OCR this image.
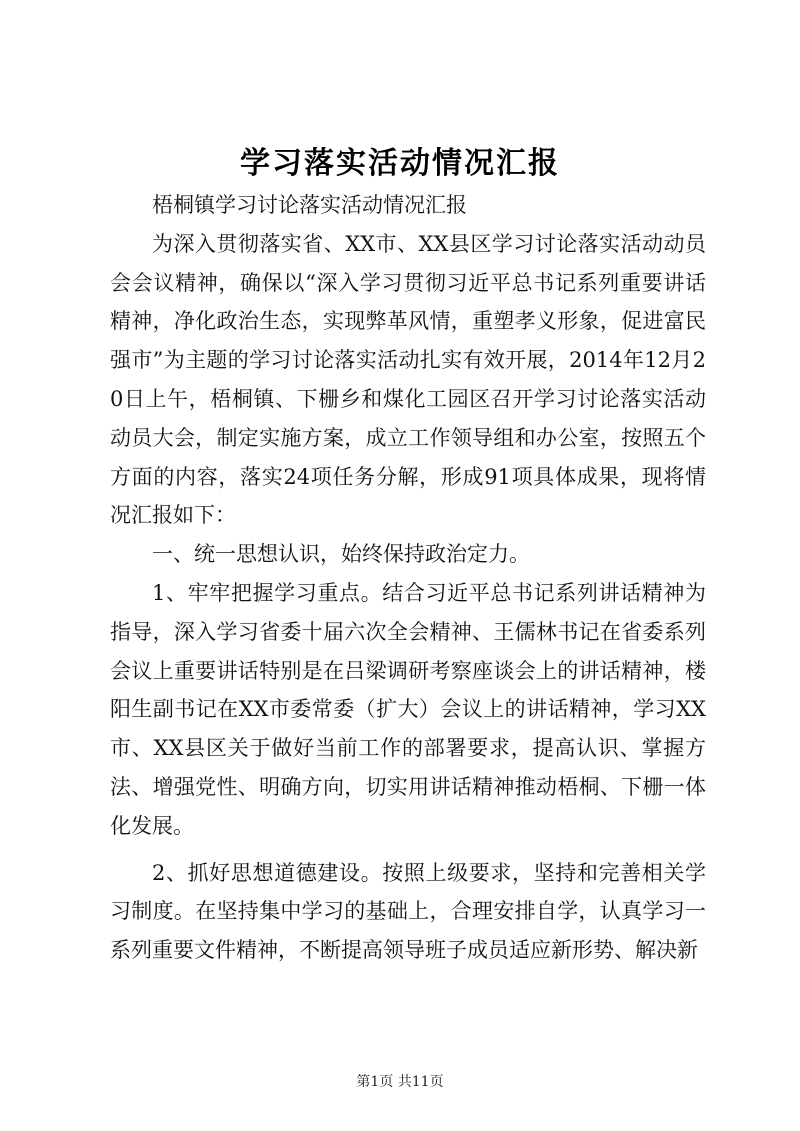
学习落实活动情况汇报

梧桐镇学习讨论落实活动情况汇报

为深入贯彻落实省、XX市、XX县区学习讨论落实活动动员会会议精神，确保以“深入学习贯彻习近平总书记系列重要讲话精神，净化政治生态，实现弊革风情，重塑孝义形象，促进富民强市”为主题的学习讨论落实活动扎实有效开展，2014年12月20日上午，梧桐镇、下栅乡和煤化工园区召开学习讨论落实活动动员大会，制定实施方案，成立工作领导组和办公室，按照五个方面的内容，落实24项任务分解，形成91项具体成果，现将情况汇报如下：

一、统一思想认识，始终保持政治定力。

1、牢牢把握学习重点。结合习近平总书记系列讲话精神为指导，深入学习省委十届六次全会精神、王儒林书记在省委系列会议上重要讲话特别是在吕梁调研考察座谈会上的讲话精神，楼阳生副书记在XX市委常委（扩大）会议上的讲话精神，学习XX市、XX县区关于做好当前工作的部署要求，提高认识、掌握方法、增强党性、明确方向，切实用讲话精神推动梧桐、下栅一体化发展。

2、抓好思想道德建设。按照上级要求，坚持和完善相关学习制度。在坚持集中学习的基础上，合理安排自学，认真学习一系列重要文件精神，不断提高领导班子成员适应新形势、解决新

第1页 共11页
